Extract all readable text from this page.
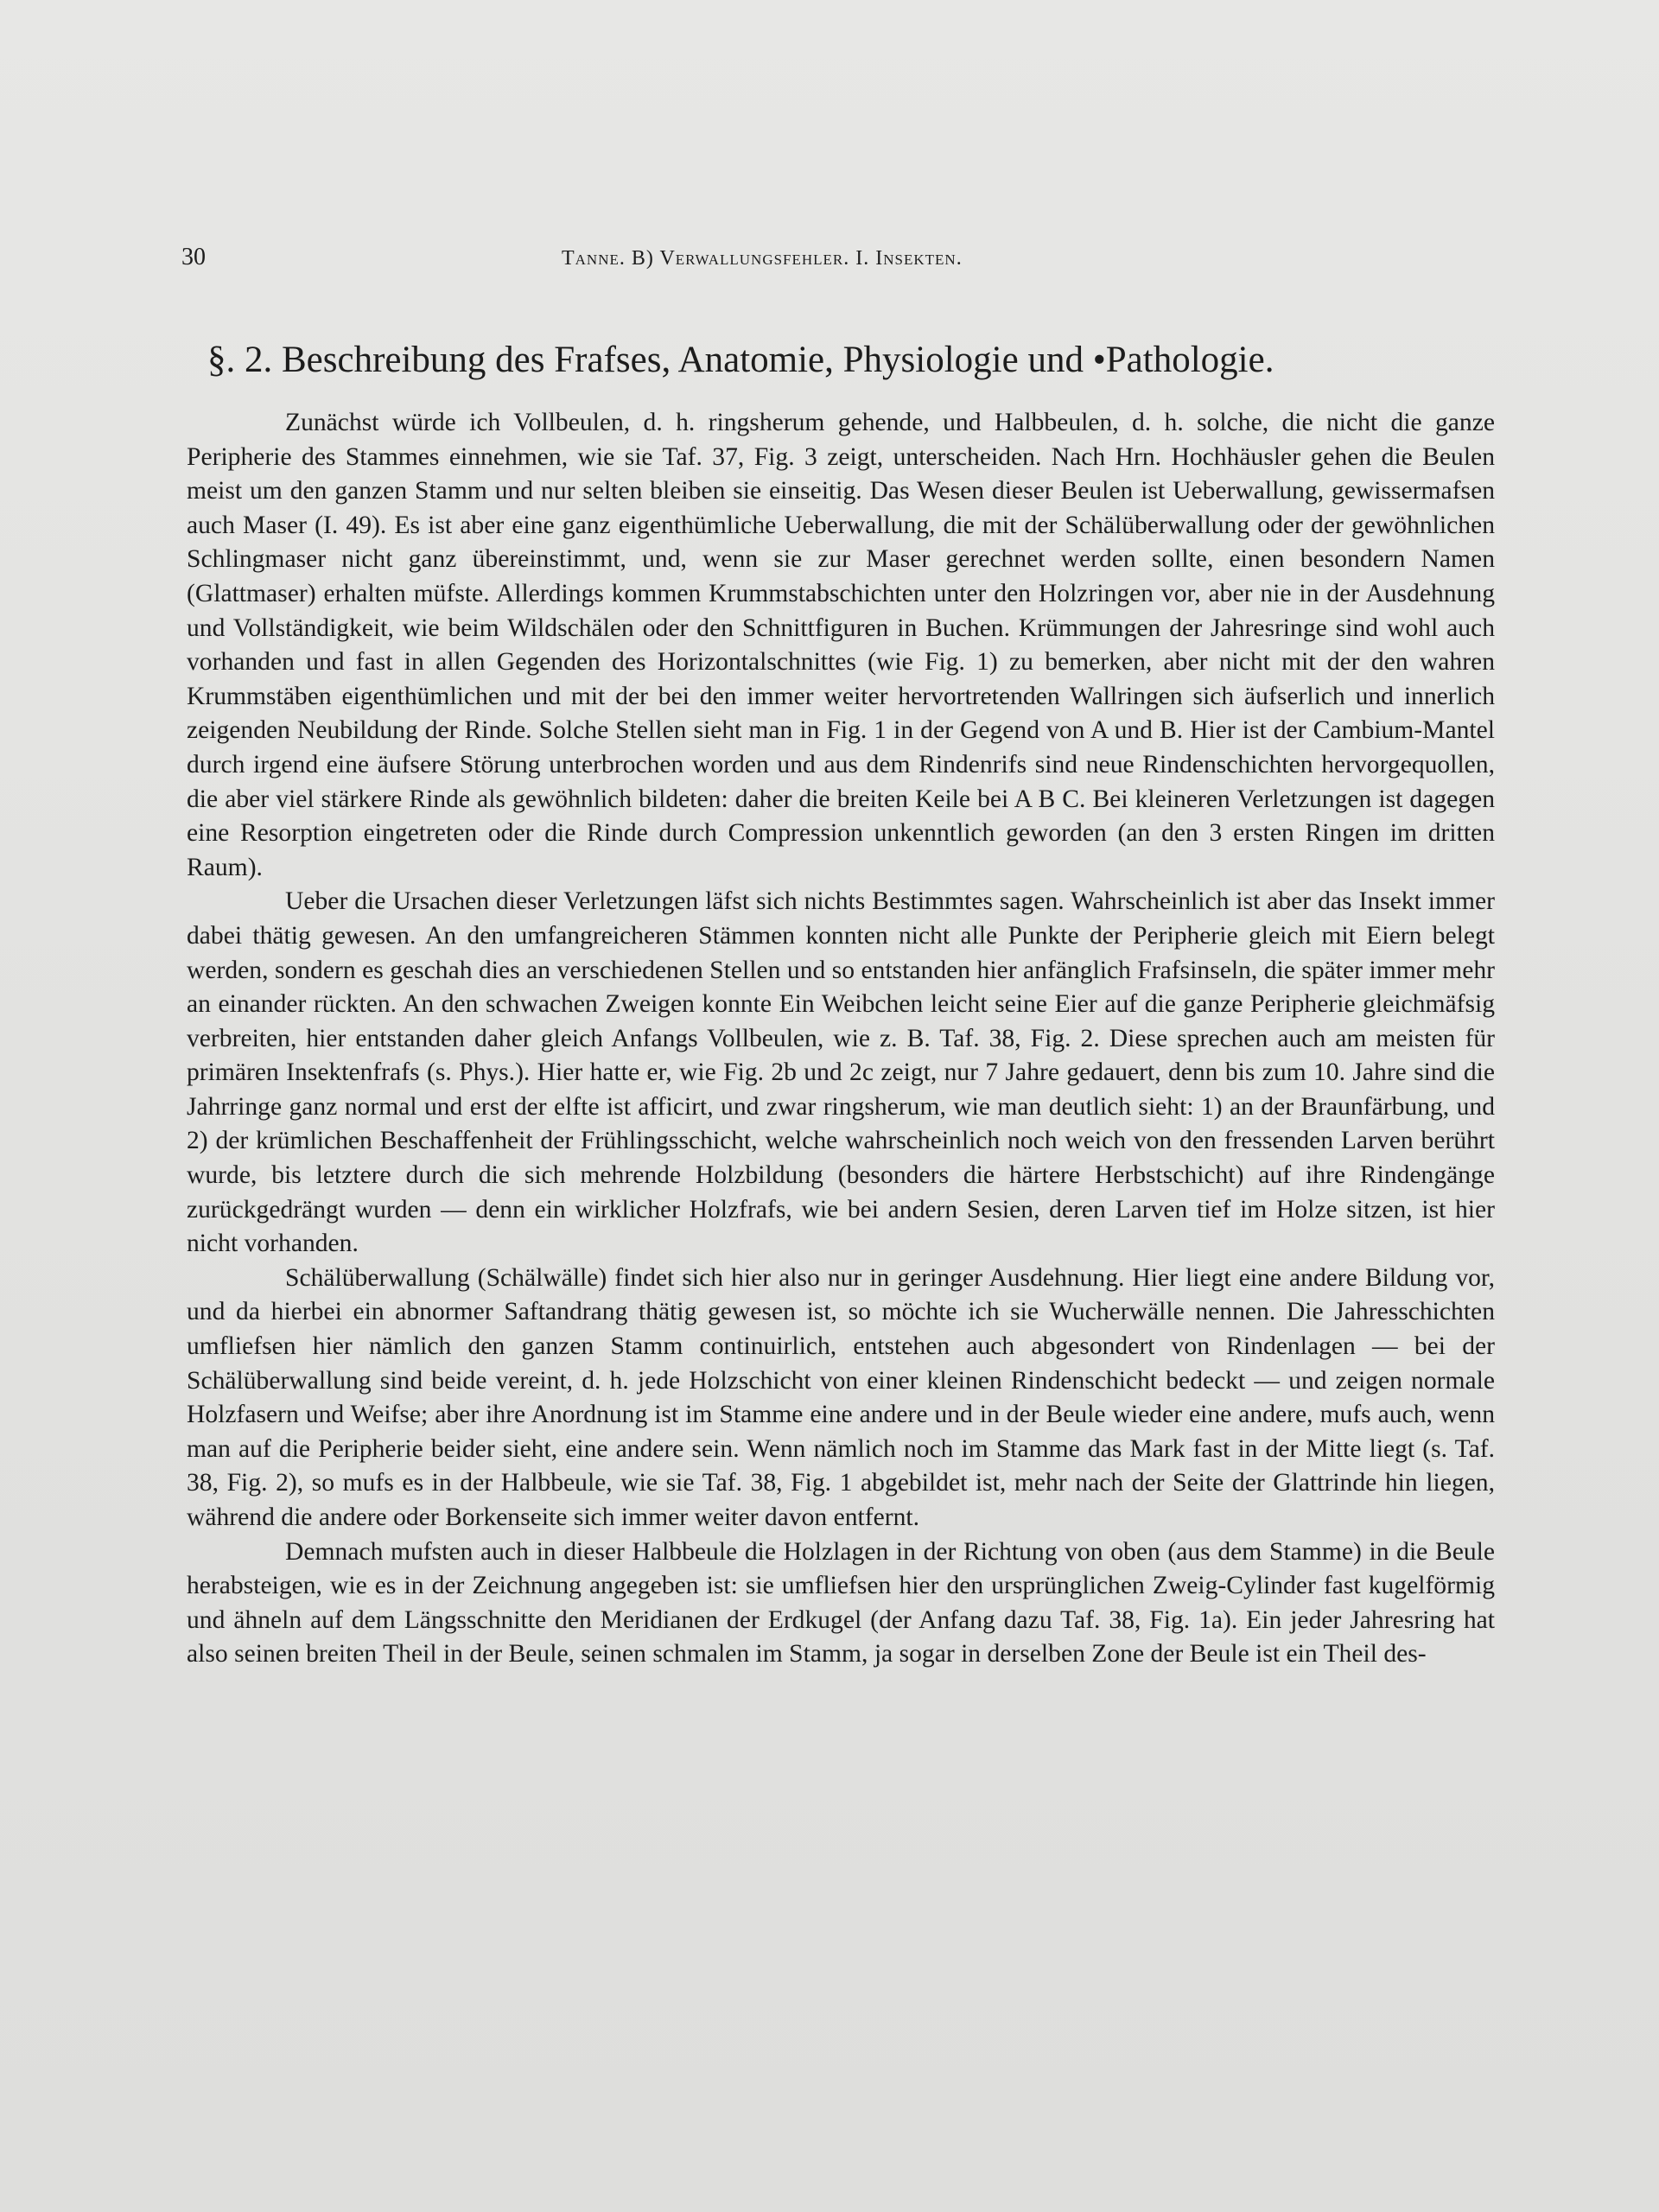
30	Tanne. B) Verwallungsfehler. I. Insekten.
§. 2. Beschreibung des Frafses, Anatomie, Physiologie und •Pathologie.

Zunächst würde ich Vollbeulen, d. h. ringsherum gehende, und Halbbeulen, d. h. solche, die nicht die ganze Peripherie des Stammes einnehmen, wie sie Taf. 37, Fig. 3 zeigt, unterscheiden. Nach Hrn. Hochhäusler gehen die Beulen meist um den ganzen Stamm und nur selten bleiben sie einseitig. Das Wesen dieser Beulen ist Ueberwallung, gewissermafsen auch Maser (I. 49). Es ist aber eine ganz eigenthümliche Ueberwallung, die mit der Schälüberwallung oder der gewöhnlichen Schlingmaser nicht ganz übereinstimmt, und, wenn sie zur Maser gerechnet werden sollte, einen besondern Namen (Glattmaser) erhalten müfste. Allerdings kommen Krummstabschichten unter den Holzringen vor, aber nie in der Ausdehnung und Vollständigkeit, wie beim Wildschälen oder den Schnittfiguren in Buchen. Krümmungen der Jahresringe sind wohl auch vorhanden und fast in allen Gegenden des Horizontalschnittes (wie Fig. 1) zu bemerken, aber nicht mit der den wahren Krummstäben eigenthümlichen und mit der bei den immer weiter hervortretenden Wallringen sich äufserlich und innerlich zeigenden Neubildung der Rinde. Solche Stellen sieht man in Fig. 1 in der Gegend von A und B. Hier ist der Cambium-Mantel durch irgend eine äufsere Störung unterbrochen worden und aus dem Rindenrifs sind neue Rindenschichten hervorgequollen, die aber viel stärkere Rinde als gewöhnlich bildeten: daher die breiten Keile bei A B C. Bei kleineren Verletzungen ist dagegen eine Resorption eingetreten oder die Rinde durch Compression unkenntlich geworden (an den 3 ersten Ringen im dritten Raum).

Ueber die Ursachen dieser Verletzungen läfst sich nichts Bestimmtes sagen. Wahrscheinlich ist aber das Insekt immer dabei thätig gewesen. An den umfangreicheren Stämmen konnten nicht alle Punkte der Peripherie gleich mit Eiern belegt werden, sondern es geschah dies an verschiedenen Stellen und so entstanden hier anfänglich Frafsinseln, die später immer mehr an einander rückten. An den schwachen Zweigen konnte Ein Weibchen leicht seine Eier auf die ganze Peripherie gleichmäfsig verbreiten, hier entstanden daher gleich Anfangs Vollbeulen, wie z. B. Taf. 38, Fig. 2. Diese sprechen auch am meisten für primären Insektenfrafs (s. Phys.). Hier hatte er, wie Fig. 2b und 2c zeigt, nur 7 Jahre gedauert, denn bis zum 10. Jahre sind die Jahrringe ganz normal und erst der elfte ist afficirt, und zwar ringsherum, wie man deutlich sieht: 1) an der Braunfärbung, und 2) der krümlichen Beschaffenheit der Frühlingsschicht, welche wahrscheinlich noch weich von den fressenden Larven berührt wurde, bis letztere durch die sich mehrende Holzbildung (besonders die härtere Herbstschicht) auf ihre Rindengänge zurückgedrängt wurden — denn ein wirklicher Holzfrafs, wie bei andern Sesien, deren Larven tief im Holze sitzen, ist hier nicht vorhanden.

Schälüberwallung (Schälwälle) findet sich hier also nur in geringer Ausdehnung. Hier liegt eine andere Bildung vor, und da hierbei ein abnormer Saftandrang thätig gewesen ist, so möchte ich sie Wucherwälle nennen. Die Jahresschichten umfliefsen hier nämlich den ganzen Stamm continuirlich, entstehen auch abgesondert von Rindenlagen — bei der Schälüberwallung sind beide vereint, d. h. jede Holzschicht von einer kleinen Rindenschicht bedeckt — und zeigen normale Holzfasern und Weifse; aber ihre Anordnung ist im Stamme eine andere und in der Beule wieder eine andere, mufs auch, wenn man auf die Peripherie beider sieht, eine andere sein. Wenn nämlich noch im Stamme das Mark fast in der Mitte liegt (s. Taf. 38, Fig. 2), so mufs es in der Halbbeule, wie sie Taf. 38, Fig. 1 abgebildet ist, mehr nach der Seite der Glattrinde hin liegen, während die andere oder Borkenseite sich immer weiter davon entfernt.

Demnach mufsten auch in dieser Halbbeule die Holzlagen in der Richtung von oben (aus dem Stamme) in die Beule herabsteigen, wie es in der Zeichnung angegeben ist: sie umfliefsen hier den ursprünglichen Zweig-Cylinder fast kugelförmig und ähneln auf dem Längsschnitte den Meridianen der Erdkugel (der Anfang dazu Taf. 38, Fig. 1a). Ein jeder Jahresring hat also seinen breiten Theil in der Beule, seinen schmalen im Stamm, ja sogar in derselben Zone der Beule ist ein Theil des-
